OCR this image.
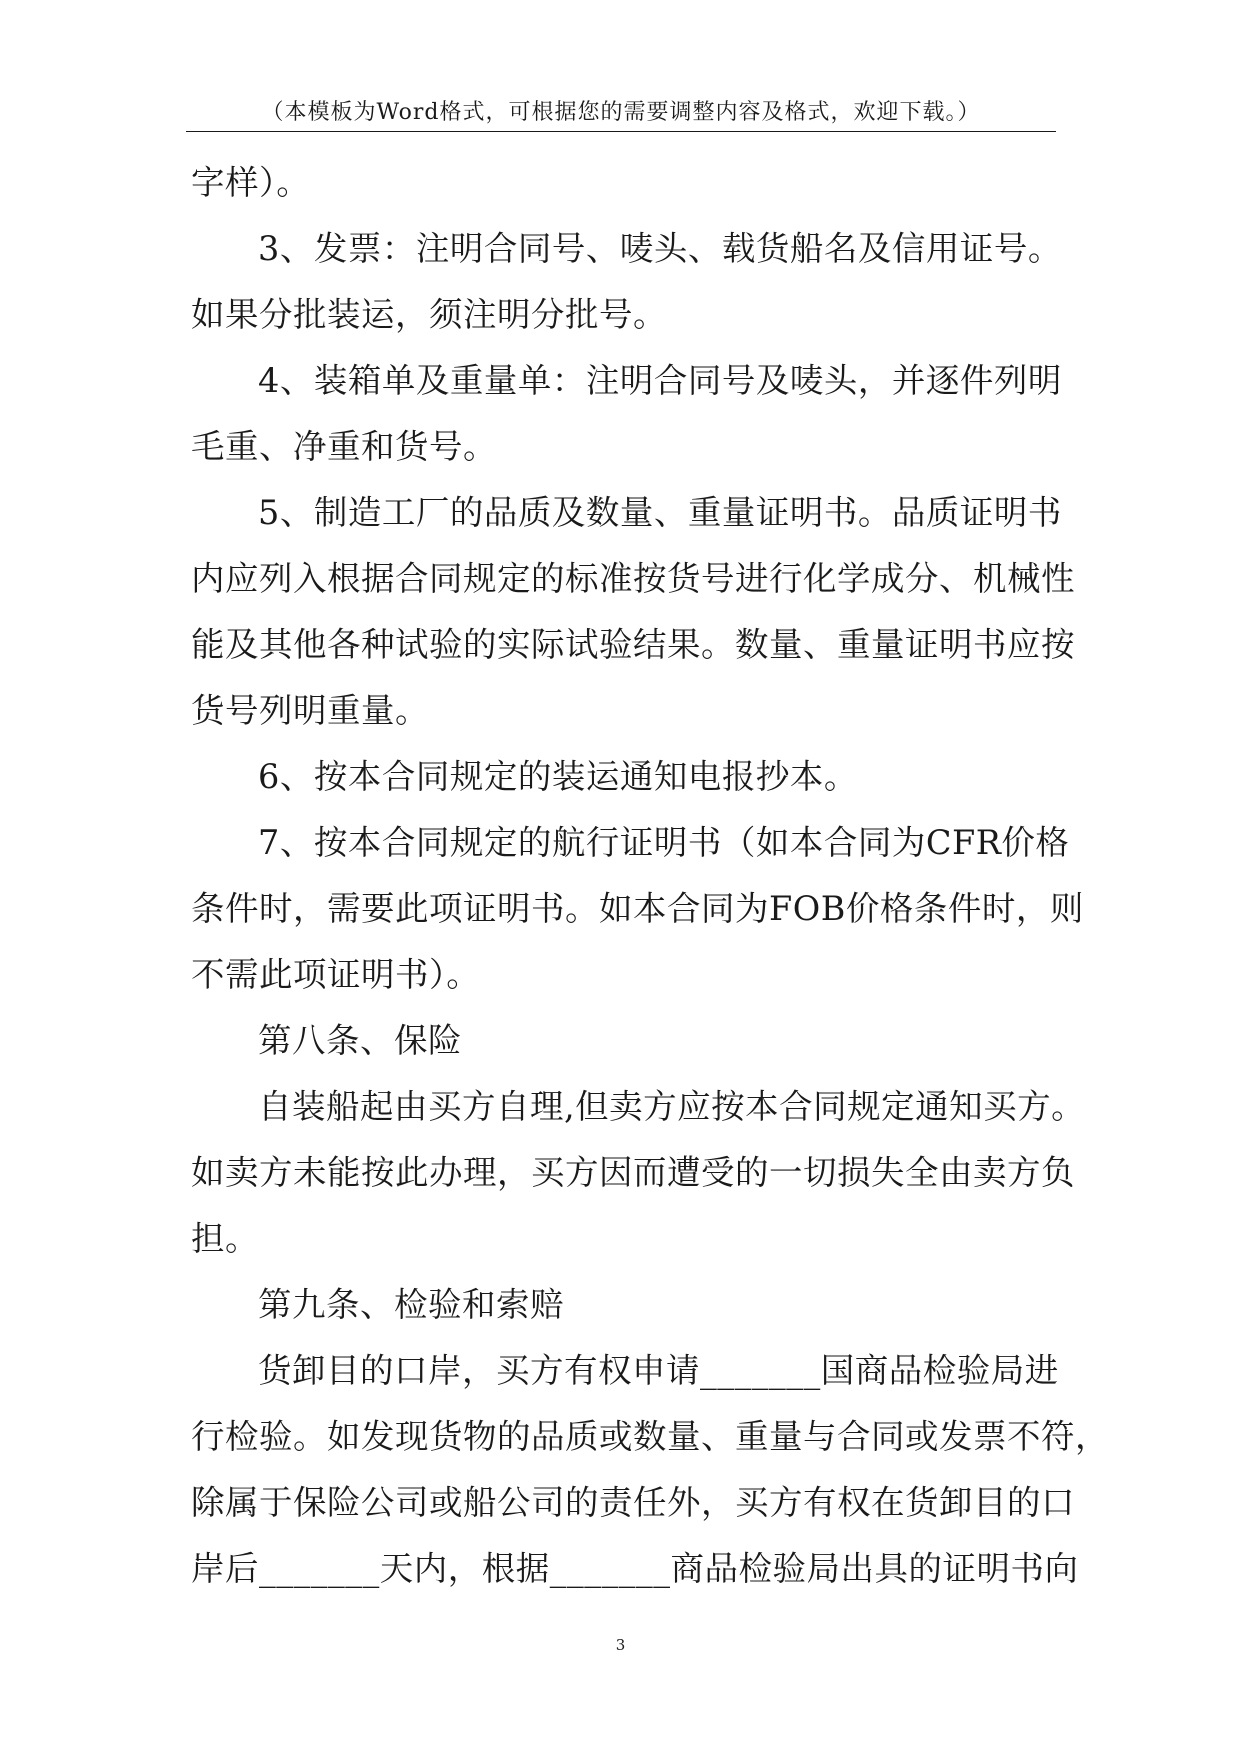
（本模板为Word格式，可根据您的需要调整内容及格式，欢迎下载。）
字样）。
3、发票：注明合同号、唛头、载货船名及信用证号。
如果分批装运，须注明分批号。
4、装箱单及重量单：注明合同号及唛头，并逐件列明
毛重、净重和货号。
5、制造工厂的品质及数量、重量证明书。品质证明书
内应列入根据合同规定的标准按货号进行化学成分、机械性
能及其他各种试验的实际试验结果。数量、重量证明书应按
货号列明重量。
6、按本合同规定的装运通知电报抄本。
7、按本合同规定的航行证明书（如本合同为CFR价格
条件时，需要此项证明书。如本合同为FOB价格条件时，则
不需此项证明书）。
第八条、保险
自装船起由买方自理,但卖方应按本合同规定通知买方。
如卖方未能按此办理，买方因而遭受的一切损失全由卖方负
担。
第九条、检验和索赔
货卸目的口岸，买方有权申请_______国商品检验局进
行检验。如发现货物的品质或数量、重量与合同或发票不符，
除属于保险公司或船公司的责任外，买方有权在货卸目的口
岸后_______天内，根据_______商品检验局出具的证明书向
3
